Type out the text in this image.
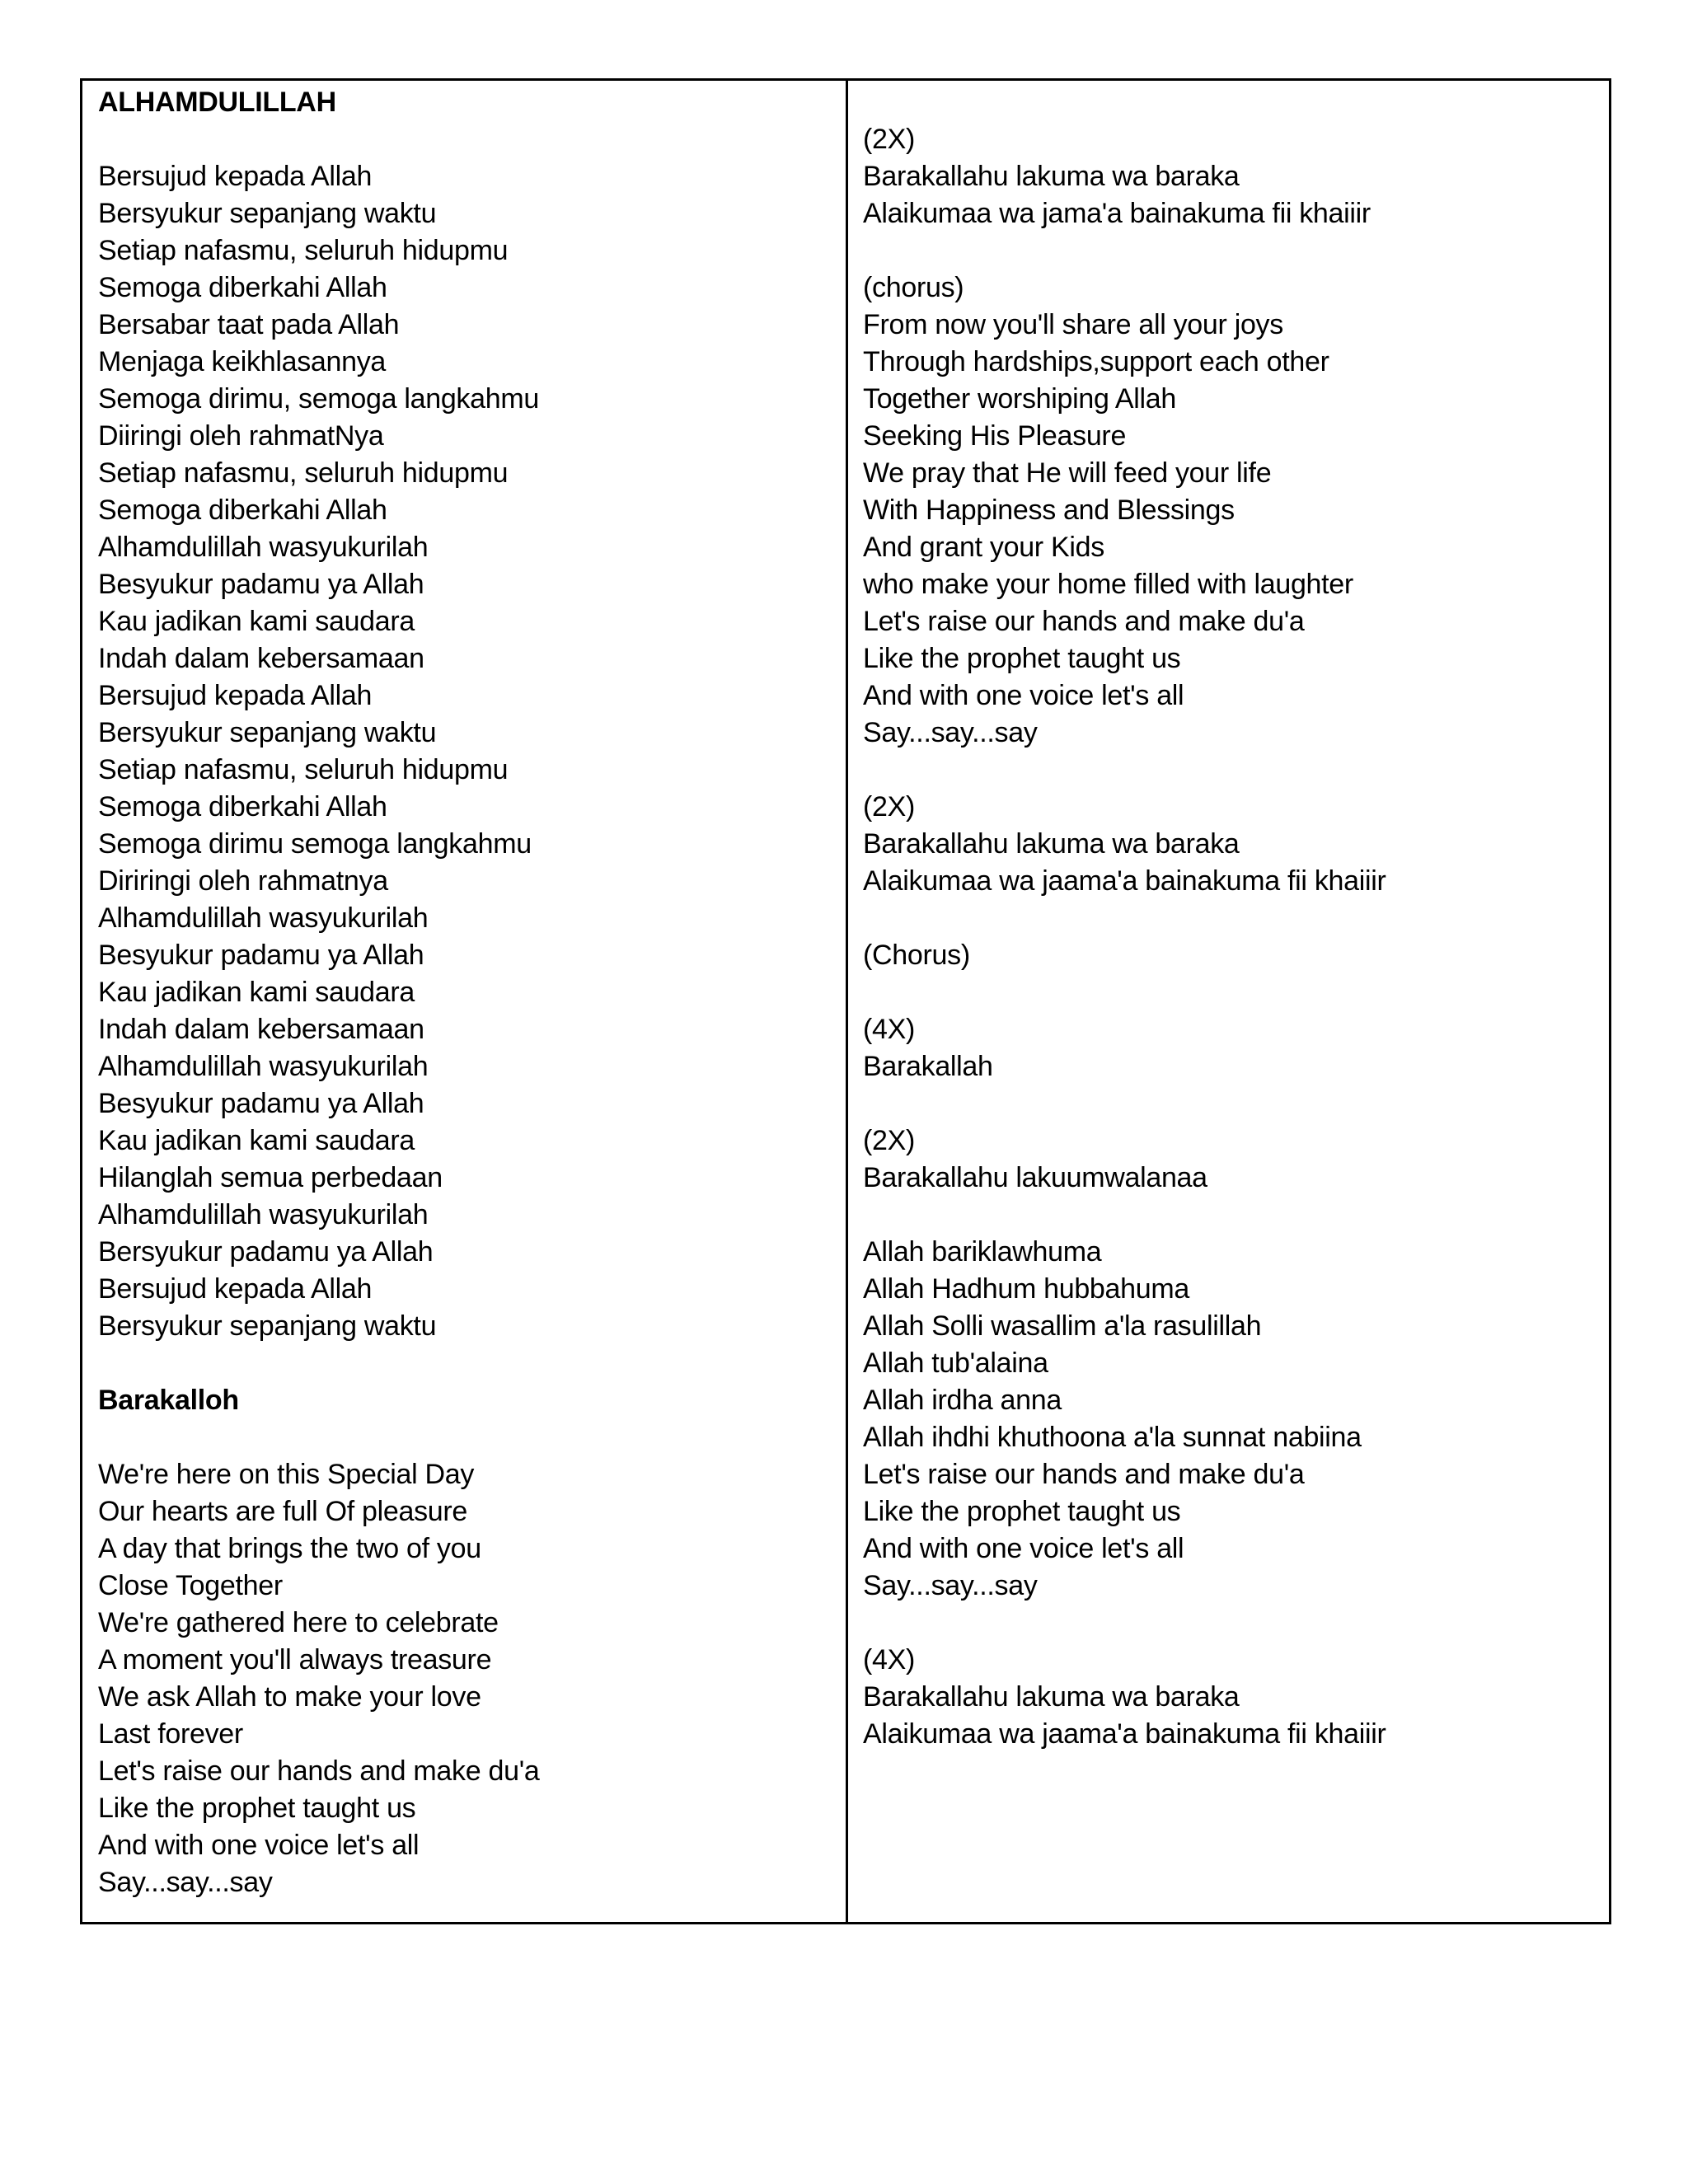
ALHAMDULILLAH
Bersujud kepada Allah
Bersyukur sepanjang waktu
Setiap nafasmu, seluruh hidupmu
Semoga diberkahi Allah
Bersabar taat pada Allah
Menjaga keikhlasannya
Semoga dirimu, semoga langkahmu
Diiringi oleh rahmatNya
Setiap nafasmu, seluruh hidupmu
Semoga diberkahi Allah
Alhamdulillah wasyukurilah
Besyukur padamu ya Allah
Kau jadikan kami saudara
Indah dalam kebersamaan
Bersujud kepada Allah
Bersyukur sepanjang waktu
Setiap nafasmu, seluruh hidupmu
Semoga diberkahi Allah
Semoga dirimu semoga langkahmu
Diriringi oleh rahmatnya
Alhamdulillah wasyukurilah
Besyukur padamu ya Allah
Kau jadikan kami saudara
Indah dalam kebersamaan
Alhamdulillah wasyukurilah
Besyukur padamu ya Allah
Kau jadikan kami saudara
Hilanglah semua perbedaan
Alhamdulillah wasyukurilah
Bersyukur padamu ya Allah
Bersujud kepada Allah
Bersyukur sepanjang waktu
Barakalloh
We're here on this Special Day
Our hearts are full Of pleasure
A day that brings the two of you
Close Together
We're gathered here to celebrate
A moment you'll always treasure
We ask Allah to make your love
Last forever
Let's raise our hands and make du'a
Like the prophet taught us
And with one voice let's all
Say...say...say
(2X)
Barakallahu lakuma wa baraka
Alaikumaa wa jama'a bainakuma fii khaiiir
(chorus)
From now you'll share all your joys
Through hardships,support each other
Together worshiping Allah
Seeking His Pleasure
We pray that He will feed your life
With Happiness and Blessings
And grant your Kids
who make your home filled with laughter
Let's raise our hands and make du'a
Like the prophet taught us
And with one voice let's all
Say...say...say
(2X)
Barakallahu lakuma wa baraka
Alaikumaa wa jaama'a bainakuma fii khaiiir
(Chorus)
(4X)
Barakallah
(2X)
Barakallahu lakuumwalanaa
Allah bariklawhuma
Allah Hadhum hubbahuma
Allah Solli wasallim a'la rasulillah
Allah tub'alaina
Allah irdha anna
Allah ihdhi khuthoona a'la sunnat nabiina
Let's raise our hands and make du'a
Like the prophet taught us
And with one voice let's all
Say...say...say
(4X)
Barakallahu lakuma wa baraka
Alaikumaa wa jaama'a bainakuma fii khaiiir
